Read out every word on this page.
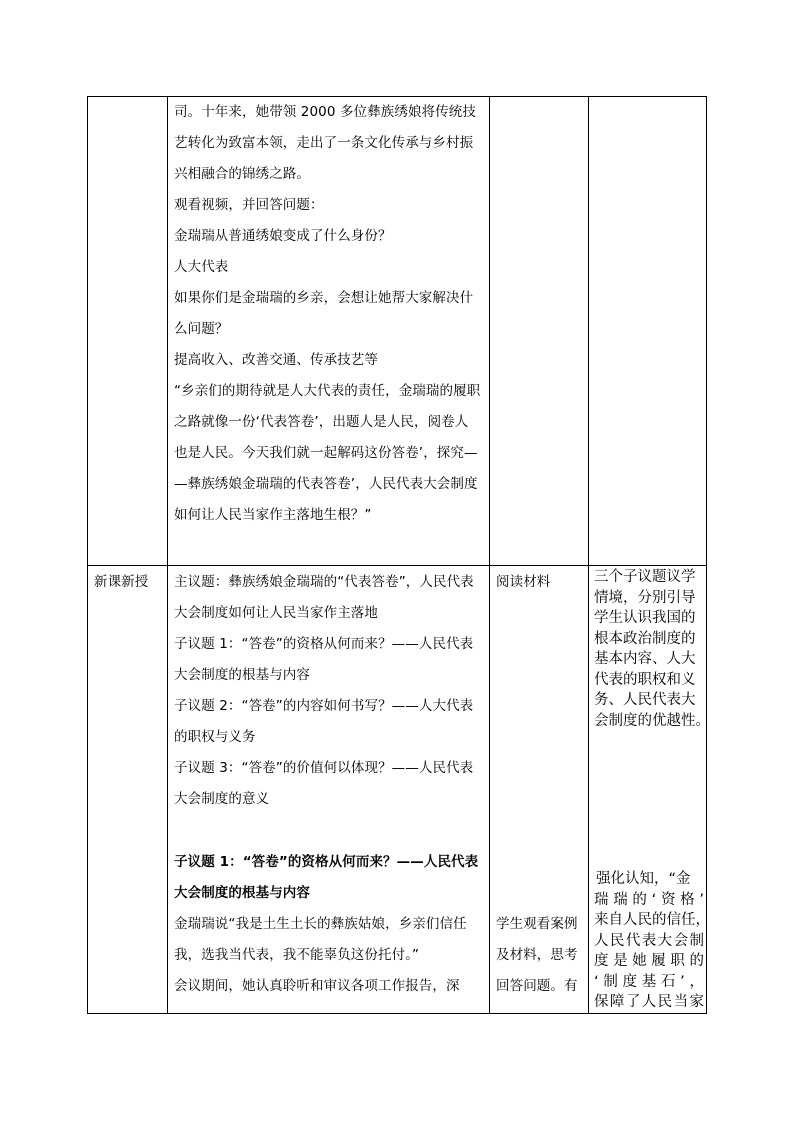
司。十年来，她带领 2000 多位彝族绣娘将传统技
艺转化为致富本领，走出了一条文化传承与乡村振
兴相融合的锦绣之路。
观看视频，并回答问题：
金瑞瑞从普通绣娘变成了什么身份？
人大代表
如果你们是金瑞瑞的乡亲，会想让她帮大家解决什
么问题？
提高收入、改善交通、传承技艺等
“乡亲们的期待就是人大代表的责任，金瑞瑞的履职
之路就像一份‘代表答卷’，出题人是人民，阅卷人
也是人民。今天我们就一起解码这份答卷’，探究—
—彝族绣娘金瑞瑞的代表答卷’，人民代表大会制度
如何让人民当家作主落地生根？”
新课新授	主议题：彝族绣娘金瑞瑞的“代表答卷”，人民代表
大会制度如何让人民当家作主落地
子议题 1：“答卷”的资格从何而来？——人民代表
大会制度的根基与内容
子议题 2：“答卷”的内容如何书写？——人大代表
的职权与义务
子议题 3：“答卷”的价值何以体现？——人民代表
大会制度的意义
子议题 1：“答卷”的资格从何而来？——人民代表
大会制度的根基与内容
金瑞瑞说“我是土生土长的彝族姑娘，乡亲们信任
我，选我当代表，我不能辜负这份托付。”
会议期间，她认真聆听和审议各项工作报告，深
阅读材料
学生观看案例
及材料，思考
回答问题。有
三个子议题议学
情境，分别引导
学生认识我国的
根本政治制度的
基本内容、人大
代表的职权和义
务、人民代表大
会制度的优越性。
强化认知，“金
瑞瑞的‘资格’
来自人民的信任，
人民代表大会制
度是她履职的
‘制度基石’，
保障了人民当家
